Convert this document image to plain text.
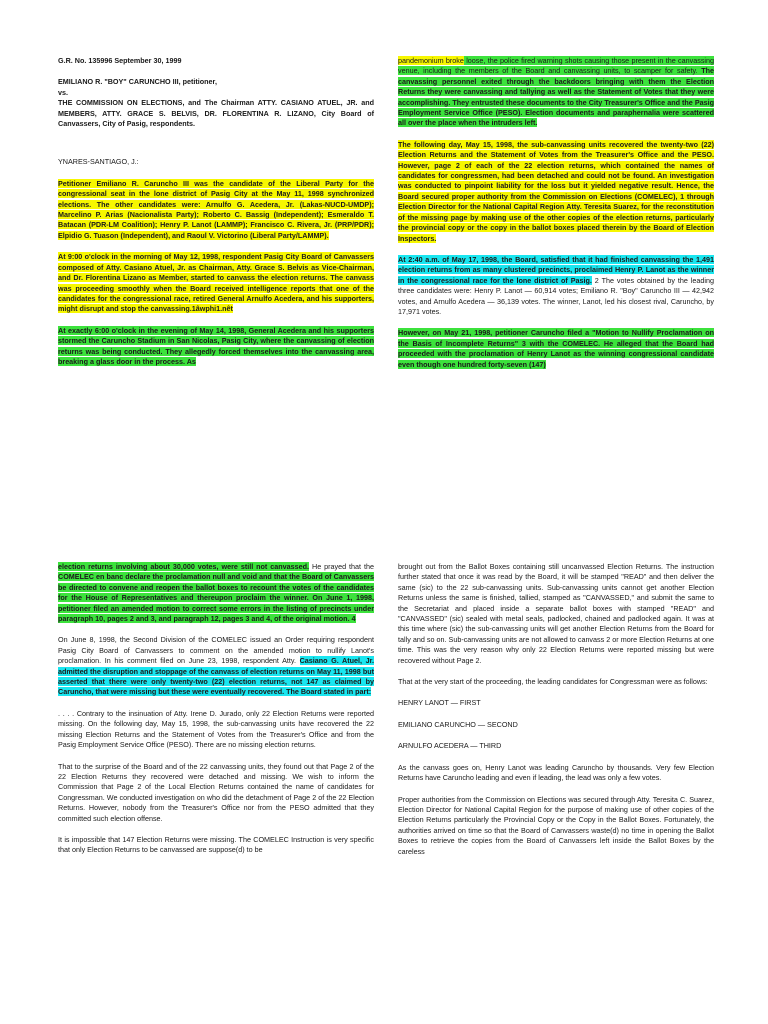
G.R. No. 135996 September 30, 1999

EMILIANO R. "BOY" CARUNCHO III, petitioner,
vs.
THE COMMISSION ON ELECTIONS, and The Chairman ATTY. CASIANO ATUEL, JR. and MEMBERS, ATTY. GRACE S. BELVIS, DR. FLORENTINA R. LIZANO, City Board of Canvassers, City of Pasig, respondents.

YNARES-SANTIAGO, J.:

Petitioner Emiliano R. Caruncho III was the candidate of the Liberal Party for the congressional seat in the lone district of Pasig City at the May 11, 1998 synchronized elections. The other candidates were: Arnulfo G. Acedera, Jr. (Lakas-NUCD-UMDP); Marcelino P. Arias (Nacionalista Party); Roberto C. Bassig (Independent); Esmeraldo T. Batacan (PDR-LM Coalition); Henry P. Lanot (LAMMP); Francisco C. Rivera, Jr. (PRP/PDR); Elpidio G. Tuason (Independent), and Raoul V. Victorino (Liberal Party/LAMMP).

At 9:00 o'clock in the morning of May 12, 1998, respondent Pasig City Board of Canvassers composed of Atty. Casiano Atuel, Jr. as Chairman, Atty. Grace S. Belvis as Vice-Chairman, and Dr. Florentina Lizano as Member, started to canvass the election returns. The canvass was proceeding smoothly when the Board received intelligence reports that one of the candidates for the congressional race, retired General Arnulfo Acedera, and his supporters, might disrupt and stop the canvassing.1âwphi1.nêt

At exactly 6:00 o'clock in the evening of May 14, 1998, General Acedera and his supporters stormed the Caruncho Stadium in San Nicolas, Pasig City, where the canvassing of election returns was being conducted. They allegedly forced themselves into the canvassing area, breaking a glass door in the process. As

pandemonium broke loose, the police fired warning shots causing those present in the canvassing venue, including the members of the Board and canvassing units, to scamper for safety. The canvassing personnel exited through the backdoors bringing with them the Election Returns they were canvassing and tallying as well as the Statement of Votes that they were accomplishing. They entrusted these documents to the City Treasurer's Office and the Pasig Employment Service Office (PESO). Election documents and paraphernalia were scattered all over the place when the intruders left.

The following day, May 15, 1998, the sub-canvassing units recovered the twenty-two (22) Election Returns and the Statement of Votes from the Treasurer's Office and the PESO. However, page 2 of each of the 22 election returns, which contained the names of candidates for congressmen, had been detached and could not be found. An investigation was conducted to pinpoint liability for the loss but it yielded negative result. Hence, the Board secured proper authority from the Commission on Elections (COMELEC), 1 through Election Director for the National Capital Region Atty. Teresita Suarez, for the reconstitution of the missing page by making use of the other copies of the election returns, particularly the provincial copy or the copy in the ballot boxes placed therein by the Board of Election Inspectors.

At 2:40 a.m. of May 17, 1998, the Board, satisfied that it had finished canvassing the 1,491 election returns from as many clustered precincts, proclaimed Henry P. Lanot as the winner in the congressional race for the lone district of Pasig. 2 The votes obtained by the leading three candidates were: Henry P. Lanot — 60,914 votes; Emiliano R. "Boy" Caruncho III — 42,942 votes, and Arnulfo Acedera — 36,139 votes. The winner, Lanot, led his closest rival, Caruncho, by 17,971 votes.

However, on May 21, 1998, petitioner Caruncho filed a "Motion to Nullify Proclamation on the Basis of Incomplete Returns" 3 with the COMELEC. He alleged that the Board had proceeded with the proclamation of Henry Lanot as the winning congressional candidate even though one hundred forty-seven (147)

election returns involving about 30,000 votes, were still not canvassed. He prayed that the COMELEC en banc declare the proclamation null and void and that the Board of Canvassers be directed to convene and reopen the ballot boxes to recount the votes of the candidates for the House of Representatives and thereupon proclaim the winner. On June 1, 1998, petitioner filed an amended motion to correct some errors in the listing of precincts under paragraph 10, pages 2 and 3, and paragraph 12, pages 3 and 4, of the original motion. 4

On June 8, 1998, the Second Division of the COMELEC issued an Order requiring respondent Pasig City Board of Canvassers to comment on the amended motion to nullify Lanot's proclamation. In his comment filed on June 23, 1998, respondent Atty. Casiano G. Atuel, Jr. admitted the disruption and stoppage of the canvass of election returns on May 11, 1998 but asserted that there were only twenty-two (22) election returns, not 147 as claimed by Caruncho, that were missing but these were eventually recovered. The Board stated in part:

. . . . Contrary to the insinuation of Atty. Irene D. Jurado, only 22 Election Returns were reported missing. On the following day, May 15, 1998, the sub-canvassing units have recovered the 22 missing Election Returns and the Statement of Votes from the Treasurer's Office and from the Pasig Employment Service Office (PESO). There are no missing election returns.

That to the surprise of the Board and of the 22 canvassing units, they found out that Page 2 of the 22 Election Returns they recovered were detached and missing. We wish to inform the Commission that Page 2 of the Local Election Returns contained the name of candidates for Congressman. We conducted investigation on who did the detachment of Page 2 of the 22 Election Returns. However, nobody from the Treasurer's Office nor from the PESO admitted that they committed such election offense.

It is impossible that 147 Election Returns were missing. The COMELEC Instruction is very specific that only Election Returns to be canvassed are suppose(d) to be

brought out from the Ballot Boxes containing still uncanvassed Election Returns. The instruction further stated that once it was read by the Board, it will be stamped "READ" and then deliver the same (sic) to the 22 sub-canvassing units. Sub-canvassing units cannot get another Election Returns unless the same is finished, tallied, stamped as "CANVASSED," and submit the same to the Secretariat and placed inside a separate ballot boxes with stamped "READ" and "CANVASSED" (sic) sealed with metal seals, padlocked, chained and padlocked again. It was at this time where (sic) the sub-canvassing units will get another Election Returns from the Board for tally and so on. Sub-canvassing units are not allowed to canvass 2 or more Election Returns at one time. This was the very reason why only 22 Election Returns were reported missing but were recovered without Page 2.

That at the very start of the proceeding, the leading candidates for Congressman were as follows:

HENRY LANOT — FIRST

EMILIANO CARUNCHO — SECOND

ARNULFO ACEDERA — THIRD

As the canvass goes on, Henry Lanot was leading Caruncho by thousands. Very few Election Returns have Caruncho leading and even if leading, the lead was only a few votes.

Proper authorities from the Commission on Elections was secured through Atty. Teresita C. Suarez, Election Director for National Capital Region for the purpose of making use of other copies of the Election Returns particularly the Provincial Copy or the Copy in the Ballot Boxes. Fortunately, the authorities arrived on time so that the Board of Canvassers waste(d) no time in opening the Ballot Boxes to retrieve the copies from the Board of Canvassers left inside the Ballot Boxes by the careless
